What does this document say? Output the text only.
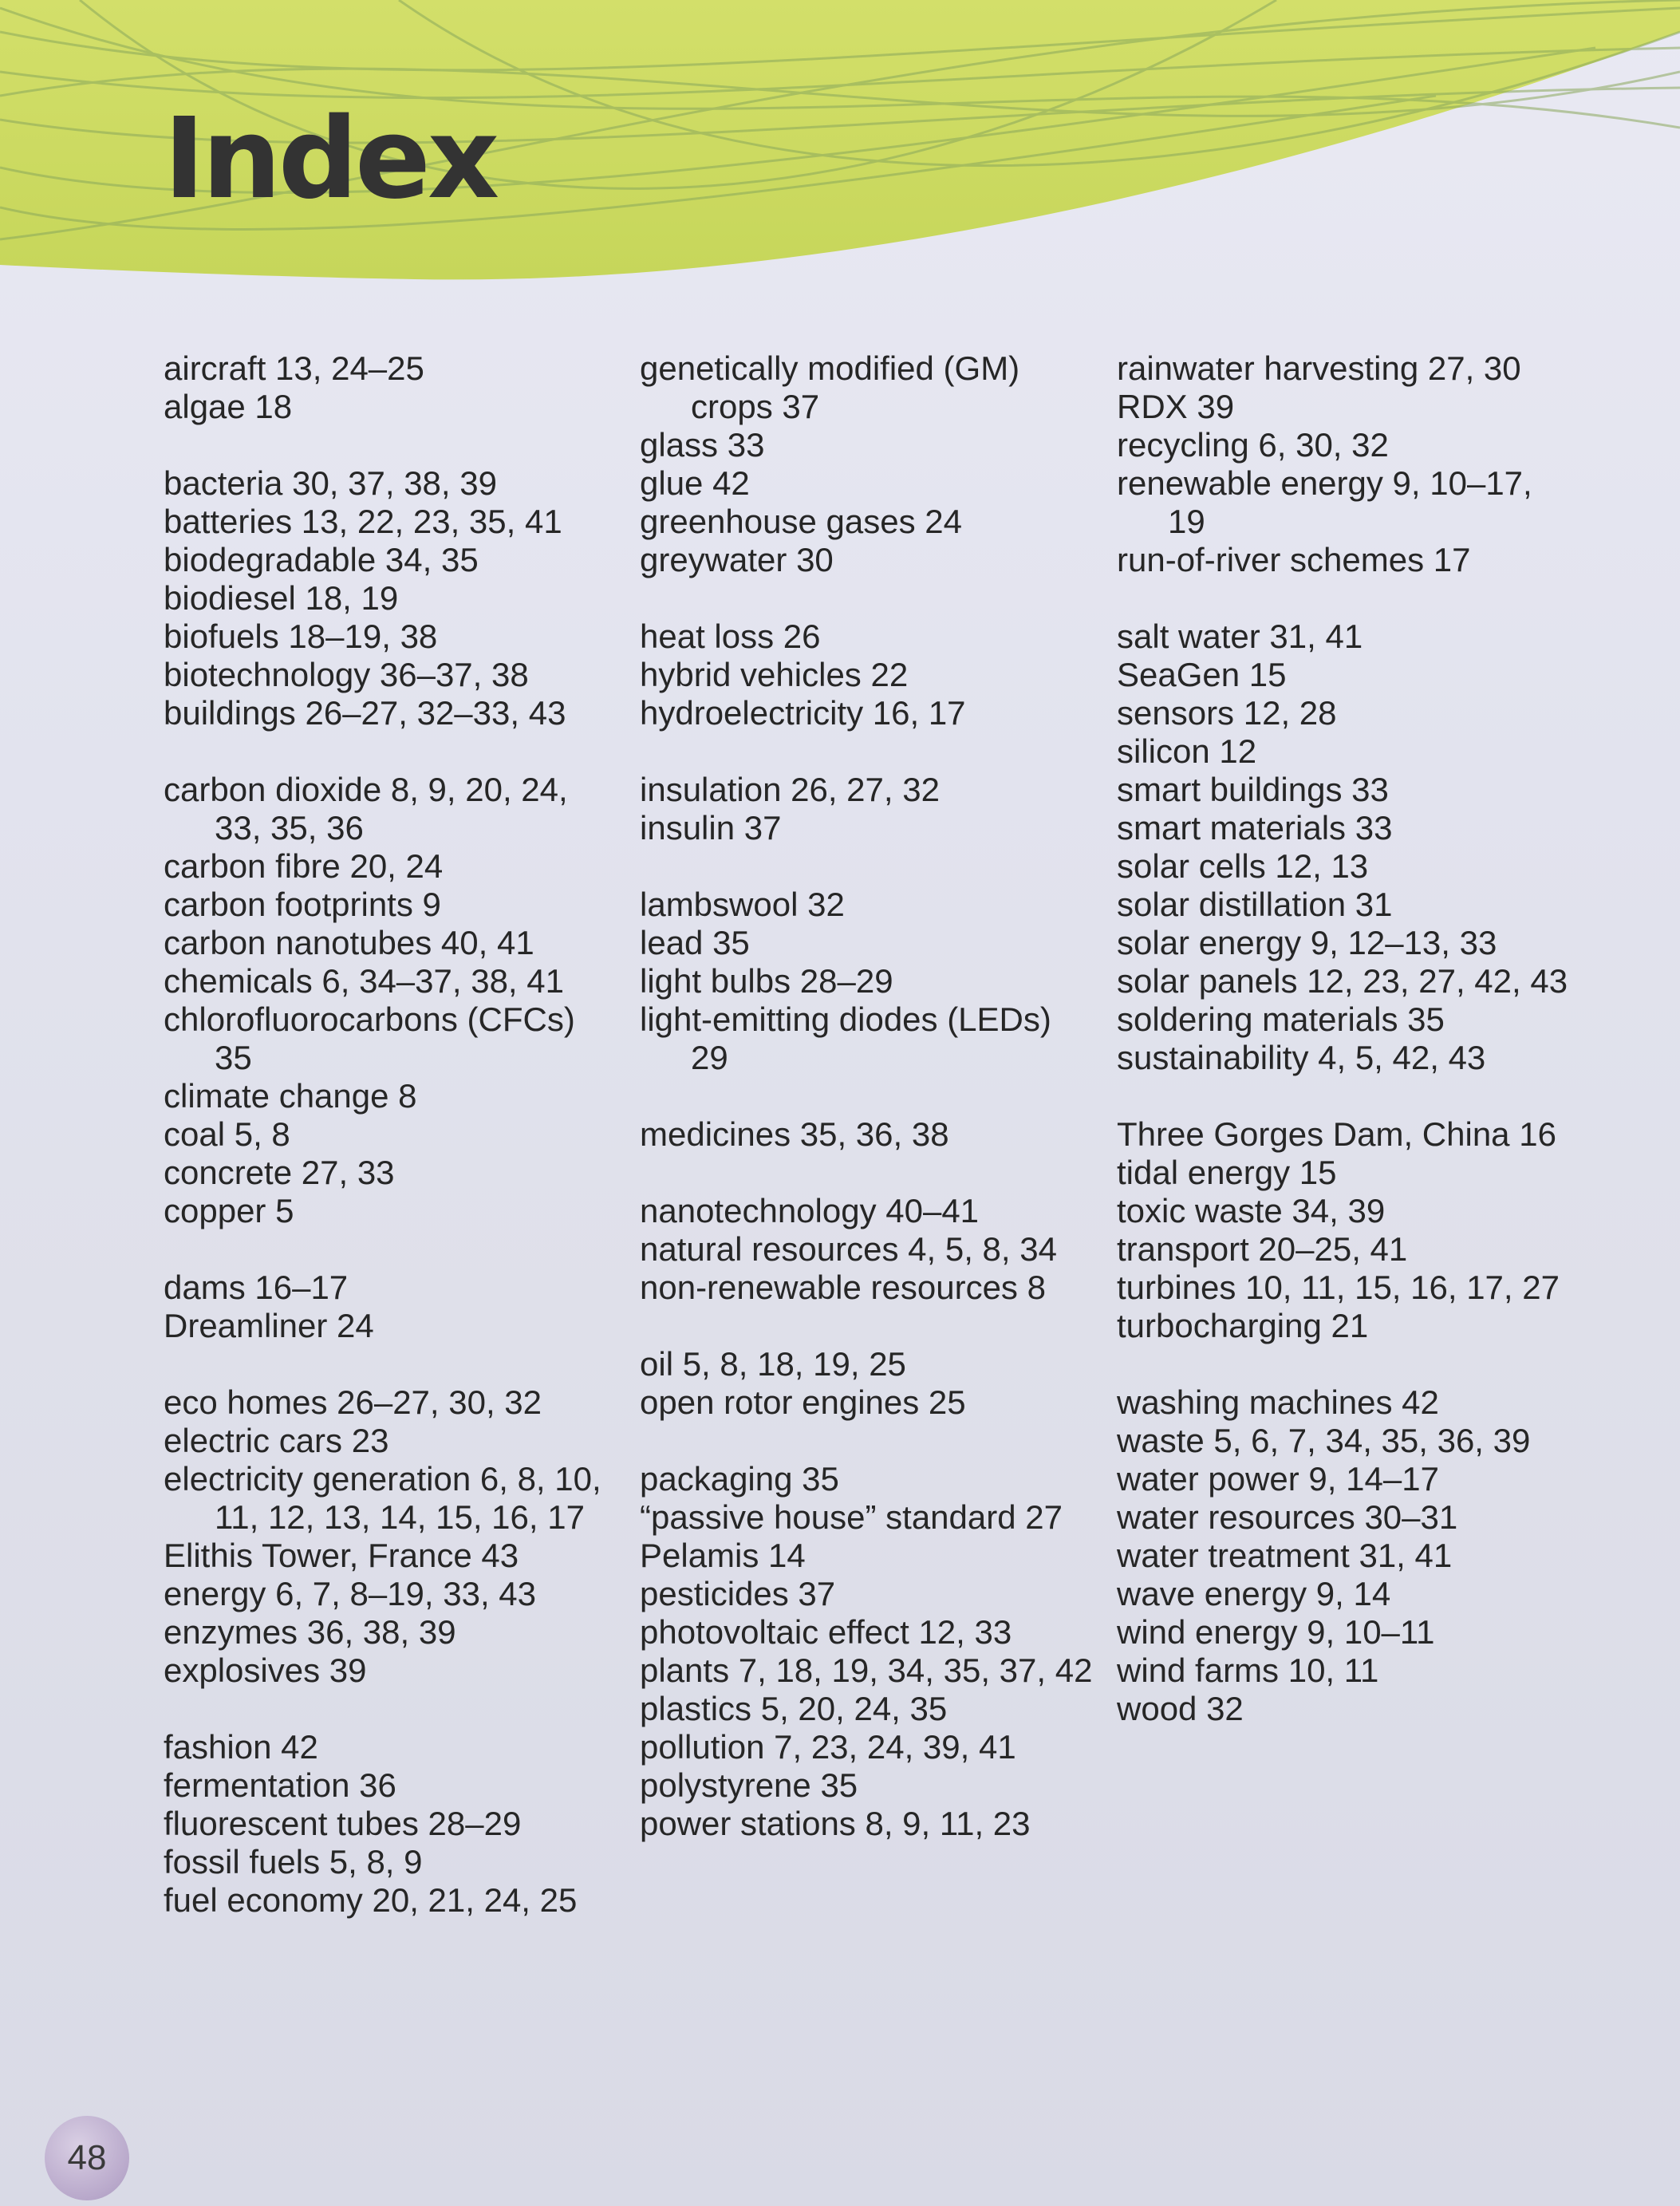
Index
aircraft 13, 24–25
algae 18
bacteria 30, 37, 38, 39
batteries 13, 22, 23, 35, 41
biodegradable 34, 35
biodiesel 18, 19
biofuels 18–19, 38
biotechnology 36–37, 38
buildings 26–27, 32–33, 43
carbon dioxide 8, 9, 20, 24,
33, 35, 36
carbon fibre 20, 24
carbon footprints 9
carbon nanotubes 40, 41
chemicals 6, 34–37, 38, 41
chlorofluorocarbons (CFCs)
35
climate change 8
coal 5, 8
concrete 27, 33
copper 5
dams 16–17
Dreamliner 24
eco homes 26–27, 30, 32
electric cars 23
electricity generation 6, 8, 10,
11, 12, 13, 14, 15, 16, 17
Elithis Tower, France 43
energy 6, 7, 8–19, 33, 43
enzymes 36, 38, 39
explosives 39
fashion 42
fermentation 36
fluorescent tubes 28–29
fossil fuels 5, 8, 9
fuel economy 20, 21, 24, 25
genetically modified (GM)
crops 37
glass 33
glue 42
greenhouse gases 24
greywater 30
heat loss 26
hybrid vehicles 22
hydroelectricity 16, 17
insulation 26, 27, 32
insulin 37
lambswool 32
lead 35
light bulbs 28–29
light-emitting diodes (LEDs)
29
medicines 35, 36, 38
nanotechnology 40–41
natural resources 4, 5, 8, 34
non-renewable resources 8
oil 5, 8, 18, 19, 25
open rotor engines 25
packaging 35
“passive house” standard 27
Pelamis 14
pesticides 37
photovoltaic effect 12, 33
plants 7, 18, 19, 34, 35, 37, 42
plastics 5, 20, 24, 35
pollution 7, 23, 24, 39, 41
polystyrene 35
power stations 8, 9, 11, 23
rainwater harvesting 27, 30
RDX 39
recycling 6, 30, 32
renewable energy 9, 10–17,
19
run-of-river schemes 17
salt water 31, 41
SeaGen 15
sensors 12, 28
silicon 12
smart buildings 33
smart materials 33
solar cells 12, 13
solar distillation 31
solar energy 9, 12–13, 33
solar panels 12, 23, 27, 42, 43
soldering materials 35
sustainability 4, 5, 42, 43
Three Gorges Dam, China 16
tidal energy 15
toxic waste 34, 39
transport 20–25, 41
turbines 10, 11, 15, 16, 17, 27
turbocharging 21
washing machines 42
waste 5, 6, 7, 34, 35, 36, 39
water power 9, 14–17
water resources 30–31
water treatment 31, 41
wave energy 9, 14
wind energy 9, 10–11
wind farms 10, 11
wood 32
48
